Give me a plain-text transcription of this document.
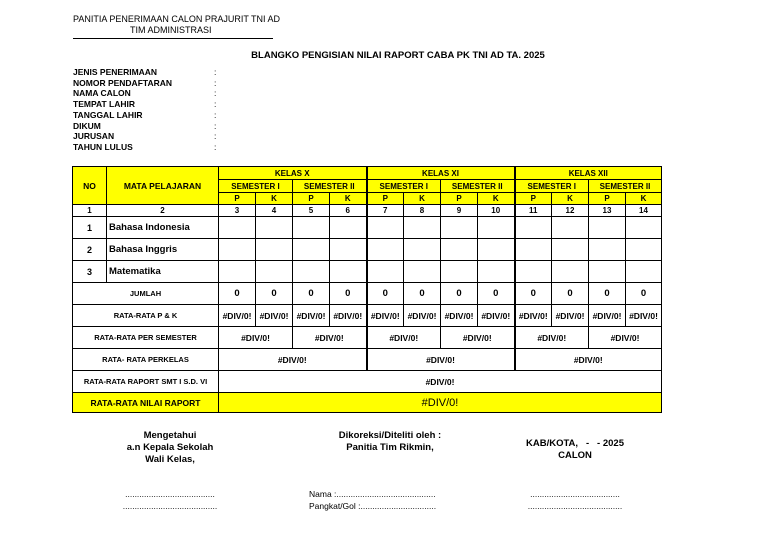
PANITIA PENERIMAAN CALON PRAJURIT TNI AD
TIM ADMINISTRASI
BLANGKO PENGISIAN NILAI RAPORT CABA PK TNI AD TA. 2025
JENIS PENERIMAAN	:
NOMOR PENDAFTARAN	:
NAMA CALON	:
TEMPAT LAHIR	:
TANGGAL LAHIR	:
DIKUM	:
JURUSAN	:
TAHUN LULUS	:
NO	MATA PELAJARAN	KELAS X				KELAS XI				KELAS XII			
		SEMESTER I		SEMESTER II		SEMESTER I		SEMESTER II		SEMESTER I		SEMESTER II	
		P	K	P	K	P	K	P	K	P	K	P	K
1	2	3	4	5	6	7	8	9	10	11	12	13	14
1	Bahasa Indonesia												
2	Bahasa Inggris												
3	Matematika												
JUMLAH		0	0	0	0	0	0	0	0	0	0	0	0
RATA-RATA P & K		#DIV/0!	#DIV/0!	#DIV/0!	#DIV/0!	#DIV/0!	#DIV/0!	#DIV/0!	#DIV/0!	#DIV/0!	#DIV/0!	#DIV/0!	#DIV/0!
RATA-RATA PER SEMESTER		#DIV/0!		#DIV/0!		#DIV/0!		#DIV/0!		#DIV/0!		#DIV/0!	
RATA- RATA PERKELAS		#DIV/0!				#DIV/0!				#DIV/0!			
RATA-RATA RAPORT SMT I S.D. VI		#DIV/0!											
RATA-RATA NILAI RAPORT		#DIV/0!											
Mengetahui
a.n Kepala Sekolah
Wali Kelas,
Dikoreksi/Diteliti oleh :
Panitia Tim Rikmin,	KAB/KOTA,   -   - 2025
CALON
......................................
........................................
Nama :..........................................
Pangkat/Gol :................................
......................................
........................................
